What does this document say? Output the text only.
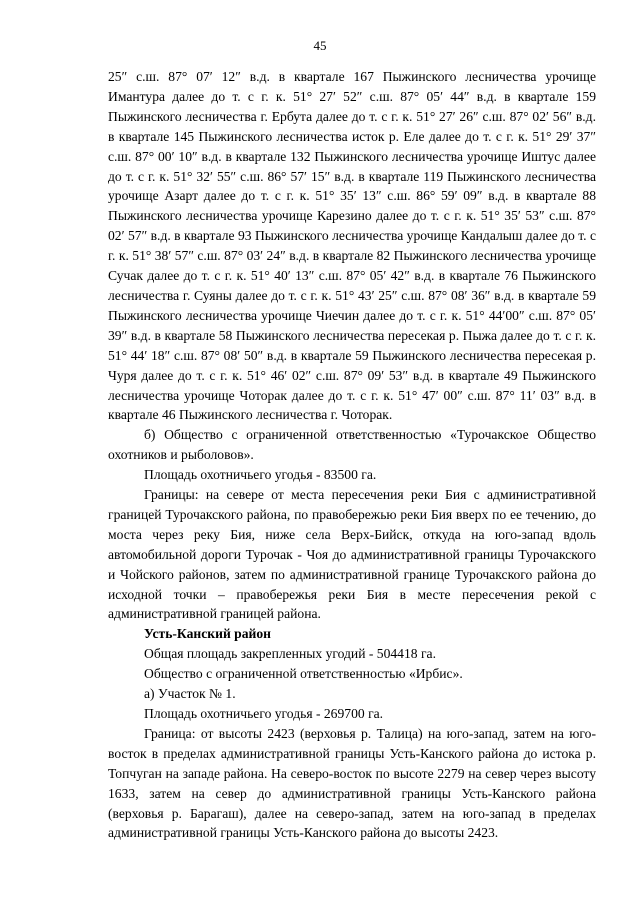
45

25″ с.ш. 87° 07′ 12″ в.д. в квартале 167 Пыжинского лесничества урочище Имантура далее до т. с г. к. 51° 27′ 52″ с.ш. 87° 05′ 44″ в.д. в квартале 159 Пыжинского лесничества г. Ербута далее до т. с г. к. 51° 27′ 26″ с.ш. 87° 02′ 56″ в.д. в квартале 145 Пыжинского лесничества исток р. Еле далее до т. с г. к. 51° 29′ 37″ с.ш. 87° 00′ 10″ в.д. в квартале 132 Пыжинского лесничества урочище Иштус далее до т. с г. к. 51° 32′ 55″ с.ш. 86° 57′ 15″ в.д. в квартале 119 Пыжинского лесничества урочище Азарт далее до т. с г. к. 51° 35′ 13″ с.ш. 86° 59′ 09″ в.д. в квартале 88 Пыжинского лесничества урочище Карезино далее до т. с г. к. 51° 35′ 53″ с.ш. 87° 02′ 57″ в.д. в квартале 93 Пыжинского лесничества урочище Кандалыш далее до т. с г. к. 51° 38′ 57″ с.ш. 87° 03′ 24″ в.д. в квартале 82 Пыжинского лесничества урочище Сучак далее до т. с г. к. 51° 40′ 13″ с.ш. 87° 05′ 42″ в.д. в квартале 76 Пыжинского лесничества г. Суяны далее до т. с г. к. 51° 43′ 25″ с.ш. 87° 08′ 36″ в.д. в квартале 59 Пыжинского лесничества урочище Чиечин далее до т. с г. к. 51° 44′00″ с.ш. 87° 05′ 39″ в.д. в квартале 58 Пыжинского лесничества пересекая р. Пыжа далее до т. с г. к. 51° 44′ 18″ с.ш. 87° 08′ 50″ в.д. в квартале 59 Пыжинского лесничества пересекая р. Чуря далее до т. с г. к. 51° 46′ 02″ с.ш. 87° 09′ 53″ в.д. в квартале 49 Пыжинского лесничества урочище Чоторак далее до т. с г. к. 51° 47′ 00″ с.ш. 87° 11′ 03″ в.д. в квартале 46 Пыжинского лесничества г. Чоторак.

б) Общество с ограниченной ответственностью «Турочакское Общество охотников и рыболовов».

Площадь охотничьего угодья - 83500 га.

Границы: на севере от места пересечения реки Бия с административной границей Турочакского района, по правобережью реки Бия вверх по ее течению, до моста через реку Бия, ниже села Верх-Бийск, откуда на юго-запад вдоль автомобильной дороги Турочак - Чоя до административной границы Турочакского и Чойского районов, затем по административной границе Турочакского района до исходной точки – правобережья реки Бия в месте пересечения рекой с административной границей района.

Усть-Канский район

Общая площадь закрепленных угодий - 504418 га.

Общество с ограниченной ответственностью «Ирбис».

а) Участок № 1.

Площадь охотничьего угодья - 269700 га.

Граница: от высоты 2423 (верховья р. Талица) на юго-запад, затем на юго-восток в пределах административной границы Усть-Канского района до истока р. Топчуган на западе района. На северо-восток по высоте 2279 на север через высоту 1633, затем на север до административной границы Усть-Канского района (верховья р. Барагаш), далее на северо-запад, затем на юго-запад в пределах административной границы Усть-Канского района до высоты 2423.
